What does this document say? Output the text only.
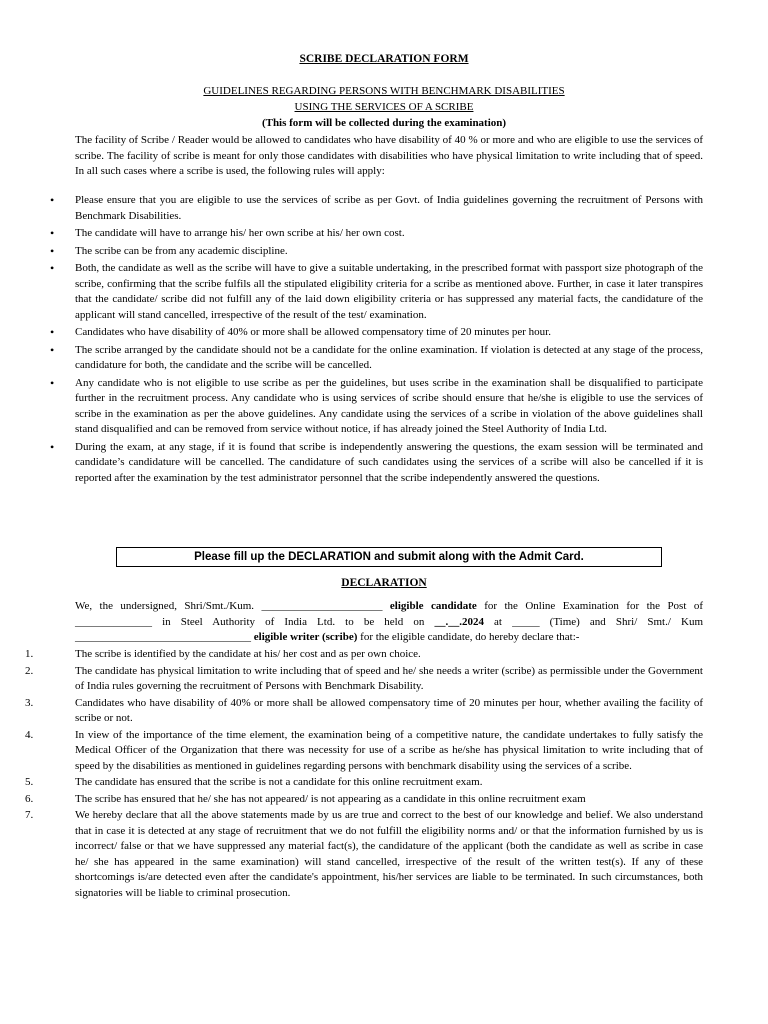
SCRIBE DECLARATION FORM
GUIDELINES REGARDING PERSONS WITH BENCHMARK DISABILITIES
USING THE SERVICES OF A SCRIBE
(This form will be collected during the examination)
The facility of Scribe / Reader would be allowed to candidates who have disability of 40 % or more and who are eligible to use the services of scribe. The facility of scribe is meant for only those candidates with disabilities who have physical limitation to write including that of speed. In all such cases where a scribe is used, the following rules will apply:
• Please ensure that you are eligible to use the services of scribe as per Govt. of India guidelines governing the recruitment of Persons with Benchmark Disabilities.
• The candidate will have to arrange his/ her own scribe at his/ her own cost.
• The scribe can be from any academic discipline.
• Both, the candidate as well as the scribe will have to give a suitable undertaking, in the prescribed format with passport size photograph of the scribe, confirming that the scribe fulfils all the stipulated eligibility criteria for a scribe as mentioned above. Further, in case it later transpires that the candidate/ scribe did not fulfill any of the laid down eligibility criteria or has suppressed any material facts, the candidature of the applicant will stand cancelled, irrespective of the result of the test/ examination.
• Candidates who have disability of 40% or more shall be allowed compensatory time of 20 minutes per hour.
• The scribe arranged by the candidate should not be a candidate for the online examination. If violation is detected at any stage of the process, candidature for both, the candidate and the scribe will be cancelled.
• Any candidate who is not eligible to use scribe as per the guidelines, but uses scribe in the examination shall be disqualified to participate further in the recruitment process. Any candidate who is using services of scribe should ensure that he/she is eligible to use the services of scribe in the examination as per the above guidelines. Any candidate using the services of a scribe in violation of the above guidelines shall stand disqualified and can be removed from service without notice, if has already joined the Steel Authority of India Ltd.
• During the exam, at any stage, if it is found that scribe is independently answering the questions, the exam session will be terminated and candidate’s candidature will be cancelled. The candidature of such candidates using the services of a scribe will also be cancelled if it is reported after the examination by the test administrator personnel that the scribe independently answered the questions.
Please fill up the DECLARATION and submit along with the Admit Card.
DECLARATION
We, the undersigned, Shri/Smt./Kum. ______________________ eligible candidate for the Online Examination for the Post of ______________ in Steel Authority of India Ltd. to be held on __.__.2024 at _____ (Time) and Shri/ Smt./ Kum ________________________________ eligible writer (scribe) for the eligible candidate, do hereby declare that:-
1.	The scribe is identified by the candidate at his/ her cost and as per own choice.
2.	The candidate has physical limitation to write including that of speed and he/ she needs a writer (scribe) as permissible under the Government of India rules governing the recruitment of Persons with Benchmark Disability.
3.	Candidates who have disability of 40% or more shall be allowed compensatory time of 20 minutes per hour, whether availing the facility of scribe or not.
4.	In view of the importance of the time element, the examination being of a competitive nature, the candidate undertakes to fully satisfy the Medical Officer of the Organization that there was necessity for use of a scribe as he/she has physical limitation to write including that of speed by the disabilities as mentioned in guidelines regarding persons with benchmark disability using the services of a scribe.
5.	The candidate has ensured that the scribe is not a candidate for this online recruitment exam.
6.	The scribe has ensured that he/ she has not appeared/ is not appearing as a candidate in this online recruitment exam
7.	We hereby declare that all the above statements made by us are true and correct to the best of our knowledge and belief. We also understand that in case it is detected at any stage of recruitment that we do not fulfill the eligibility norms and/ or that the information furnished by us is incorrect/ false or that we have suppressed any material fact(s), the candidature of the applicant (both the candidate as well as scribe in case he/ she has appeared in the same examination) will stand cancelled, irrespective of the result of the written test(s). If any of these shortcomings is/are detected even after the candidate's appointment, his/her services are liable to be terminated. In such circumstances, both signatories will be liable to criminal prosecution.
